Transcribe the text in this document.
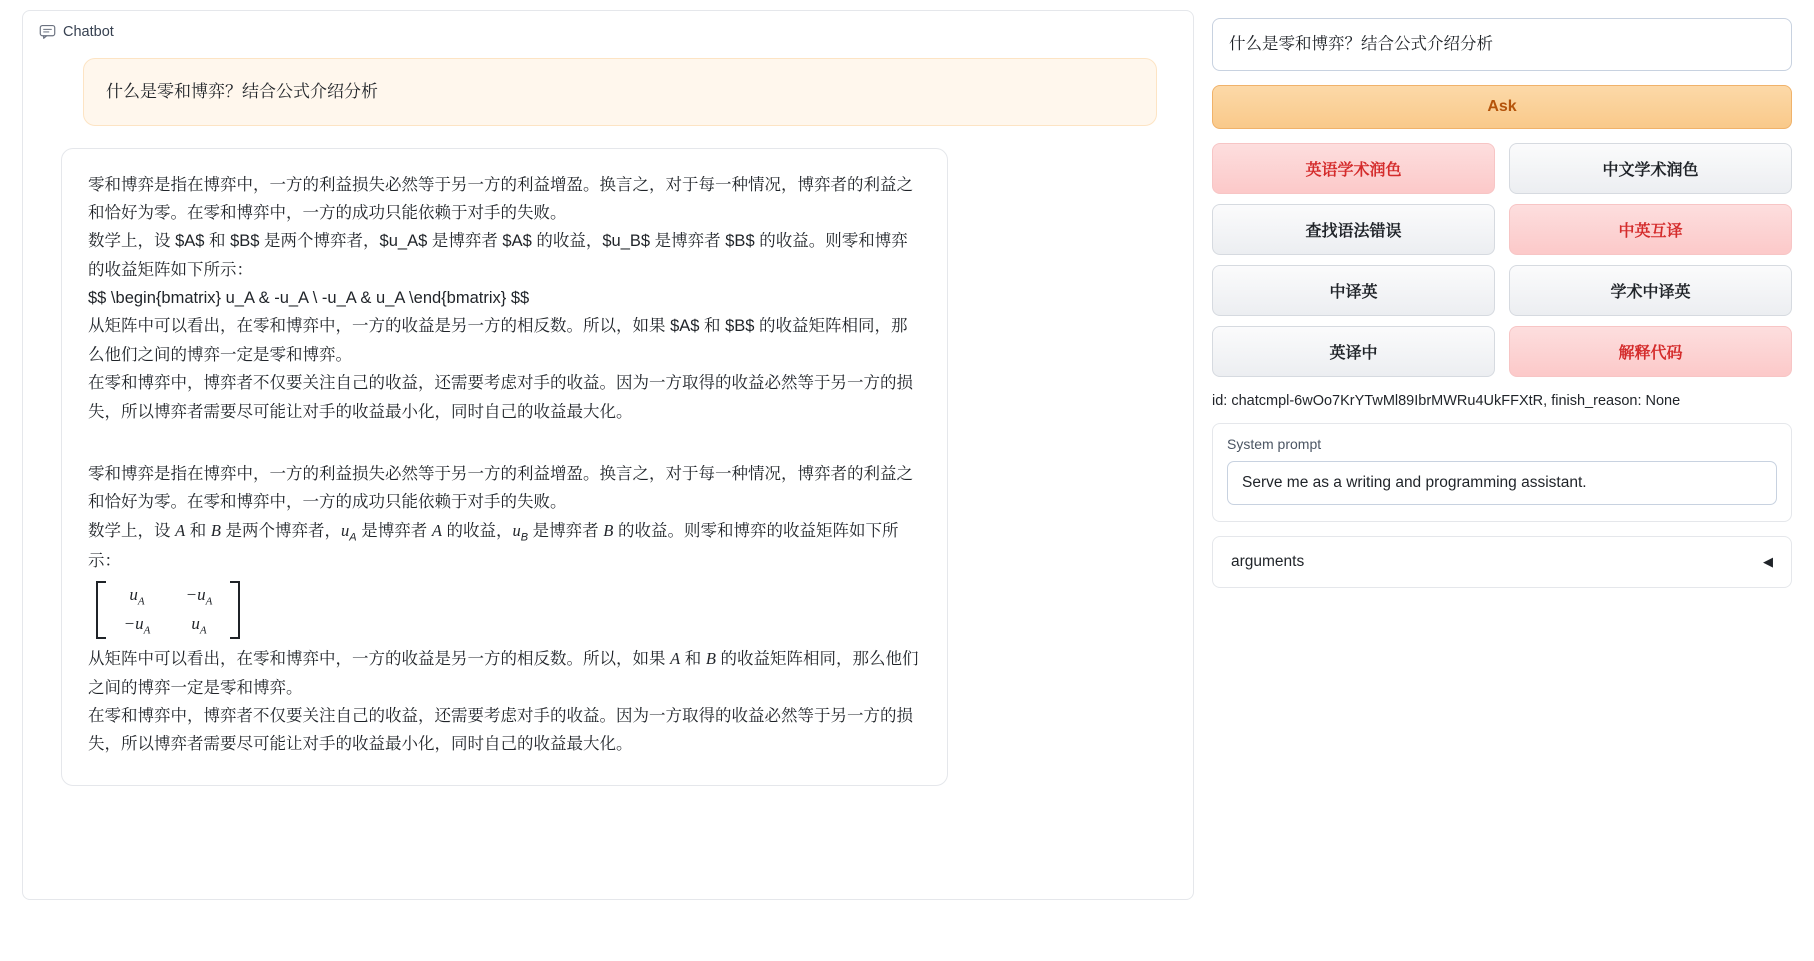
Chatbot
什么是零和博弈？结合公式介绍分析

零和博弈是指在博弈中，一方的利益损失必然等于另一方的利益增盈。换言之，对于每一种情况，博弈者的利益之和恰好为零。在零和博弈中，一方的成功只能依赖于对手的失败。

数学上，设 $A$ 和 $B$ 是两个博弈者，$u_A$ 是博弈者 $A$ 的收益，$u_B$ 是博弈者 $B$ 的收益。则零和博弈的收益矩阵如下所示：

$$ \begin{bmatrix} u_A & -u_A \ -u_A & u_A \end{bmatrix} $$

从矩阵中可以看出，在零和博弈中，一方的收益是另一方的相反数。所以，如果 $A$ 和 $B$ 的收益矩阵相同，那么他们之间的博弈一定是零和博弈。

在零和博弈中，博弈者不仅要关注自己的收益，还需要考虑对手的收益。因为一方取得的收益必然等于另一方的损失，所以博弈者需要尽可能让对手的收益最小化，同时自己的收益最大化。

零和博弈是指在博弈中，一方的利益损失必然等于另一方的利益增盈。换言之，对于每一种情况，博弈者的利益之和恰好为零。在零和博弈中，一方的成功只能依赖于对手的失败。

数学上，设 A 和 B 是两个博弈者，$u_A$ 是博弈者 A 的收益，$u_B$ 是博弈者 B 的收益。则零和博弈的收益矩阵如下所示：

$u_A -u_A$
$-u_A$ $u_A$

从矩阵中可以看出，在零和博弈中，一方的收益是另一方的相反数。所以，如果 A 和 B 的收益矩阵相同，那么他们之间的博弈一定是零和博弈。

在零和博弈中，博弈者不仅要关注自己的收益，还需要考虑对手的收益。因为一方取得的收益必然等于另一方的损失，所以博弈者需要尽可能让对手的收益最小化，同时自己的收益最大化。

什么是零和博弈？结合公式介绍分析
Ask
英语学术润色	中文学术润色
查找语法错误	中英互译
中译英	学术中译英
英译中	解释代码
id: chatcmpl-6wOo7KrYTwMl89IbrMWRu4UkFFXtR, finish_reason: None
System prompt
Serve me as a writing and programming assistant.
arguments	◀
